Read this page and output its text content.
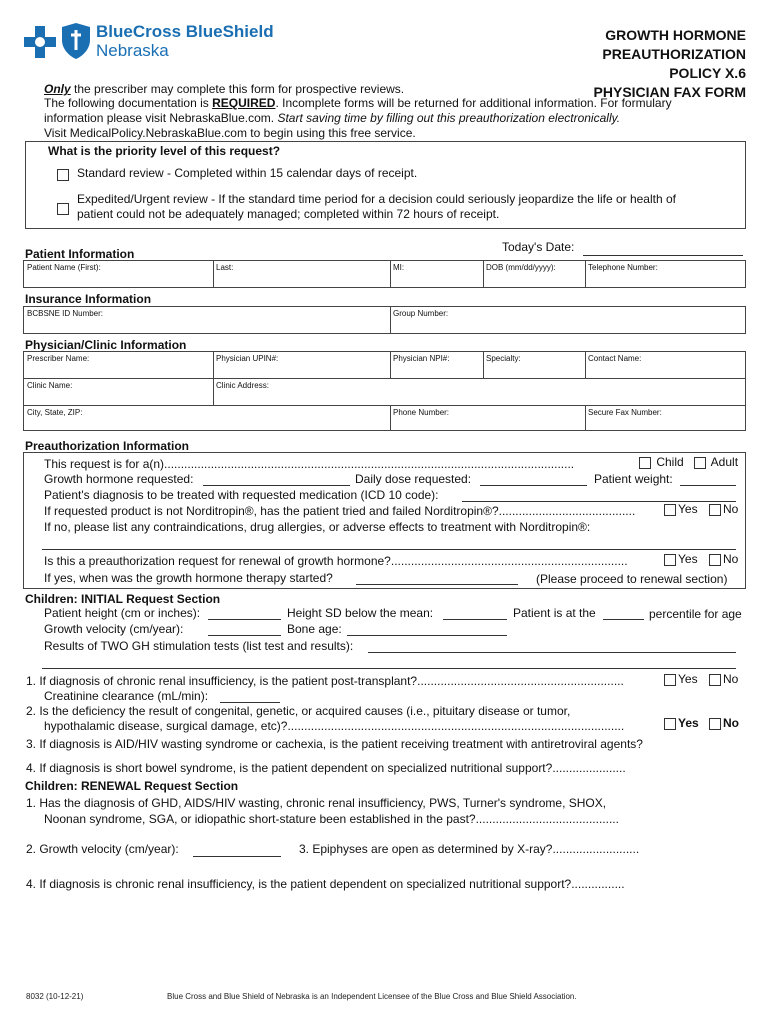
BlueCross BlueShield
Nebraska
GROWTH HORMONE
PREAUTHORIZATION
POLICY X.6
PHYSICIAN FAX FORM
Only the prescriber may complete this form for prospective reviews.
The following documentation is REQUIRED. Incomplete forms will be returned for additional information. For formulary
information please visit NebraskaBlue.com. Start saving time by filling out this preauthorization electronically.
Visit MedicalPolicy.NebraskaBlue.com to begin using this free service.
What is the priority level of this request?
Standard review - Completed within 15 calendar days of receipt.
Expedited/Urgent review - If the standard time period for a decision could seriously jeopardize the life or health of
patient could not be adequately managed; completed within 72 hours of receipt.
Today's Date:
Patient Information
Patient Name (First):	Last:	MI:	DOB (mm/dd/yyyy):	Telephone Number:
Insurance Information
BCBSNE ID Number:	Group Number:
Physician/Clinic Information
Prescriber Name:	Physician UPIN#:	Physician NPI#:	Specialty:	Contact Name:
Clinic Name:	Clinic Address:
City, State, ZIP:	Phone Number:	Secure Fax Number:
Preauthorization Information
This request is for a(n)...........................................................................................................................	Child	Adult
Growth hormone requested:	Daily dose requested:	Patient weight:
Patient's diagnosis to be treated with requested medication (ICD 10 code):
If requested product is not Norditropin®, has the patient tried and failed Norditropin®?.........................................	Yes	No
If no, please list any contraindications, drug allergies, or adverse effects to treatment with Norditropin®:
Is this a preauthorization request for renewal of growth hormone?.......................................................................	Yes	No
If yes, when was the growth hormone therapy started?	(Please proceed to renewal section)
Children: INITIAL Request Section
Patient height (cm or inches):	Height SD below the mean:	Patient is at the	percentile for age
Growth velocity (cm/year):	Bone age:
Results of TWO GH stimulation tests (list test and results):
1. If diagnosis of chronic renal insufficiency, is the patient post-transplant?..............................................................	Yes	No
Creatinine clearance (mL/min):
2. Is the deficiency the result of congenital, genetic, or acquired causes (i.e., pituitary disease or tumor,
hypothalamic disease, surgical damage, etc)?.....................................................................................................	Yes	No
3. If diagnosis is AID/HIV wasting syndrome or cachexia, is the patient receiving treatment with antiretroviral agents?
4. If diagnosis is short bowel syndrome, is the patient dependent on specialized nutritional support?......................
Children: RENEWAL Request Section
1. Has the diagnosis of GHD, AIDS/HIV wasting, chronic renal insufficiency, PWS, Turner's syndrome, SHOX,
Noonan syndrome, SGA, or idiopathic short-stature been established in the past?...........................................
2. Growth velocity (cm/year):	3. Epiphyses are open as determined by X-ray?..........................
4. If diagnosis is chronic renal insufficiency, is the patient dependent on specialized nutritional support?................
8032 (10-12-21)	Blue Cross and Blue Shield of Nebraska is an Independent Licensee of the Blue Cross and Blue Shield Association.
